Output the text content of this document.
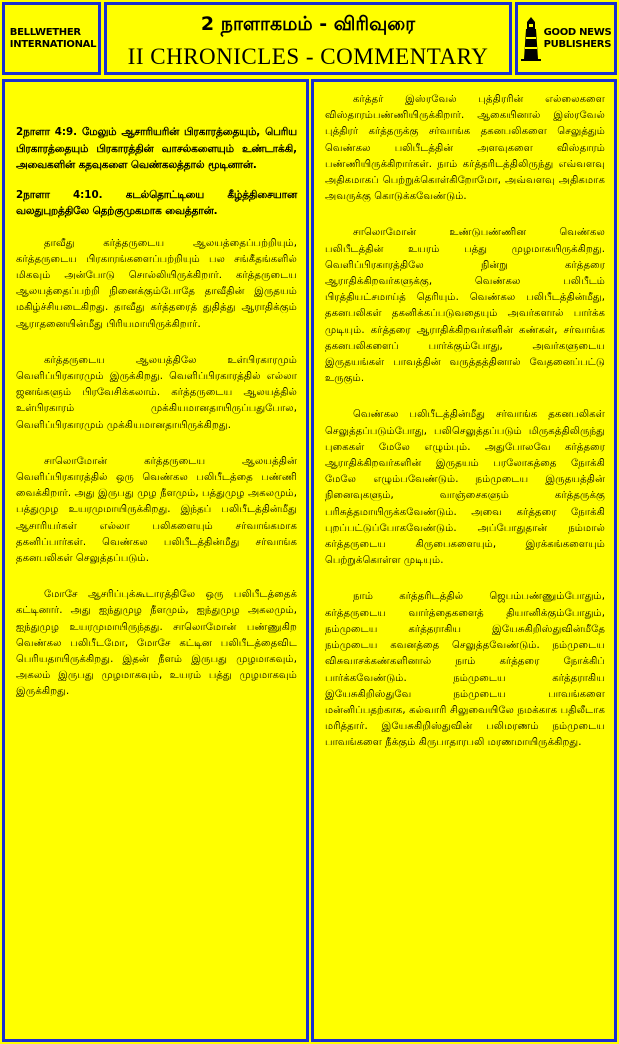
BELLWETHER
INTERNATIONAL
2 நாளாகமம் - விரிவுரை
II CHRONICLES - COMMENTARY
GOOD NEWS
PUBLISHERS

2நாளா 4:9. மேலும் ஆசாரியரின் பிரகாரத்தையும், பெரிய பிரகாரத்தையும் பிரகாரத்தின் வாசல்களையும் உண்டாக்கி, அவைகளின் கதவுகளை வெண்கலத்தால் மூடினான்.

2நாளா 4:10. கடல்தொட்டியை கீழ்த்திசையான வலதுபுறத்திலே தெற்குமுகமாக வைத்தான்.

தாவீது கர்த்தருடைய ஆலயத்தைப்பற்றியும், கர்த்தருடைய பிரகாரங்களைப்பற்றியும் பல சங்கீதங்களில் மிகவும் அன்போடு சொல்லியிருக்கிறார். கர்த்தருடைய ஆலயத்தைப்பற்றி நினைக்கும்போதே தாவீதின் இருதயம் மகிழ்ச்சியடைகிறது. தாவீது கர்த்தரைத் துதித்து ஆராதிக்கும் ஆராதனையின்மீது பிரியமாயிருக்கிறார்.

கர்த்தருடைய ஆலயத்திலே உள்பிரகாரமும் வெளிப்பிரகாரமும் இருக்கிறது. வெளிப்பிரகாரத்தில் எல்லா ஜனங்களும் பிரவேசிக்கலாம். கர்த்தருடைய ஆலயத்தில் உள்பிரகாரம் முக்கியமானதாயிருப்பதுபோல, வெளிப்பிரகாரமும் முக்கியமானதாயிருக்கிறது.

சாலொமோன் கர்த்தருடைய ஆலயத்தின் வெளிப்பிரகாரத்தில் ஒரு வெண்கல பலிபீடத்தை பண்ணி வைக்கிறார். அது இருபது முழ நீளமும், பத்துமுழ அகலமும், பத்துமுழ உயரமுமாயிருக்கிறது. இந்தப் பலிபீடத்தின்மீது ஆசாரியர்கள் எல்லா பலிகளையும் சர்வாங்கமாக தகனிப்பார்கள். வெண்கல பலிபீடத்தின்மீது சர்வாங்க தகனபலிகள் செலுத்தப்படும்.

மோசே ஆசரிப்புக்கூடாரத்திலே ஒரு பலிபீடத்தைக் கட்டினார். அது ஐந்துமுழ நீளமும், ஐந்துமுழ அகலமும், ஐந்துமுழ உயரமுமாயிருந்தது. சாலொமோன் பண்ணுகிற வெண்கல பலிபீடமோ, மோசே கட்டின பலிபீடத்தைவிட பெரியதாயிருக்கிறது. இதன் நீளம் இருபது முழமாகவும், அகலம் இருபது முழமாகவும், உயரம் பத்து முழமாகவும் இருக்கிறது.

கர்த்தர் இஸ்ரவேல் புத்திரரின் எல்லைகளை விஸ்தாரம்பண்ணியிருக்கிறார். ஆகையினால் இஸ்ரவேல் புத்திரர் கர்த்தருக்கு சர்வாங்க தகனபலிகளை செலுத்தும் வெண்கல பலிபீடத்தின் அளவுகளை விஸ்தாரம் பண்ணியிருக்கிறார்கள். நாம் கர்த்தரிடத்திலிருந்து எவ்வளவு அதிகமாகப் பெற்றுக்கொள்கிறோமோ, அவ்வளவு அதிகமாக அவருக்கு கொடுக்கவேண்டும்.

சாலொமோன் உண்டுபண்ணின வெண்கல பலிபீடத்தின் உயரம் பத்து முழமாகயிருக்கிறது. வெளிப்பிரகாரத்திலே நின்று கர்த்தரை ஆராதிக்கிறவர்களுக்கு, வெண்கல பலிபீடம் பிரத்தியட்சமாய்த் தெரியும். வெண்கல பலிபீடத்தின்மீது, தகனபலிகள் தகனிக்கப்படுவதையும் அவர்களால் பார்க்க முடியும். கர்த்தரை ஆராதிக்கிறவர்களின் கண்கள், சர்வாங்க தகனபலிகளைப் பார்க்கும்போது, அவர்களுடைய இருதயங்கள் பாவத்தின் வருத்தத்தினால் வேதனைப்பட்டு உருகும்.

வெண்கல பலிபீடத்தின்மீது சர்வாங்க தகனபலிகள் செலுத்தப்படும்போது, பலிசெலுத்தப்படும் மிருகத்திலிருந்து புகைகள் மேலே எழும்பும். அதுபோலவே கர்த்தரை ஆராதிக்கிறவர்களின் இருதயம் பரலோகத்தை நோக்கி மேலே எழும்பவேண்டும். நம்முடைய இருதயத்தின் நினைவுகளும், வாஞ்சைகளும் கர்த்தருக்கு பரிசுத்தமாயிருக்கவேண்டும். அவை கர்த்தரை நோக்கி புறப்பட்டுப்போகவேண்டும். அப்போதுதான் நம்மால் கர்த்தருடைய கிருபைகளையும், இரக்கங்களையும் பெற்றுக்கொள்ள முடியும்.

நாம் கர்த்தரிடத்தில் ஜெபம்பண்ணும்போதும், கர்த்தருடைய வார்த்தைகளைத் தியானிக்கும்போதும், நம்முடைய கர்த்தராகிய இயேசுகிறிஸ்துவின்மீதே நம்முடைய கவனத்தை செலுத்தவேண்டும். நம்முடைய விசுவாசக்கண்களினால் நாம் கர்த்தரை நோக்கிப் பார்க்கவேண்டும். நம்முடைய கர்த்தராகிய இயேசுகிறிஸ்துவே நம்முடைய பாவங்களை மன்னிப்பதற்காக, கல்வாரி சிலுவையிலே நமக்காக பதிலீடாக மரித்தார். இயேசுகிறிஸ்துவின் பலிமரணம் நம்முடைய பாவங்களை நீக்கும் கிருபாதாரபலி மரணமாயிருக்கிறது.
